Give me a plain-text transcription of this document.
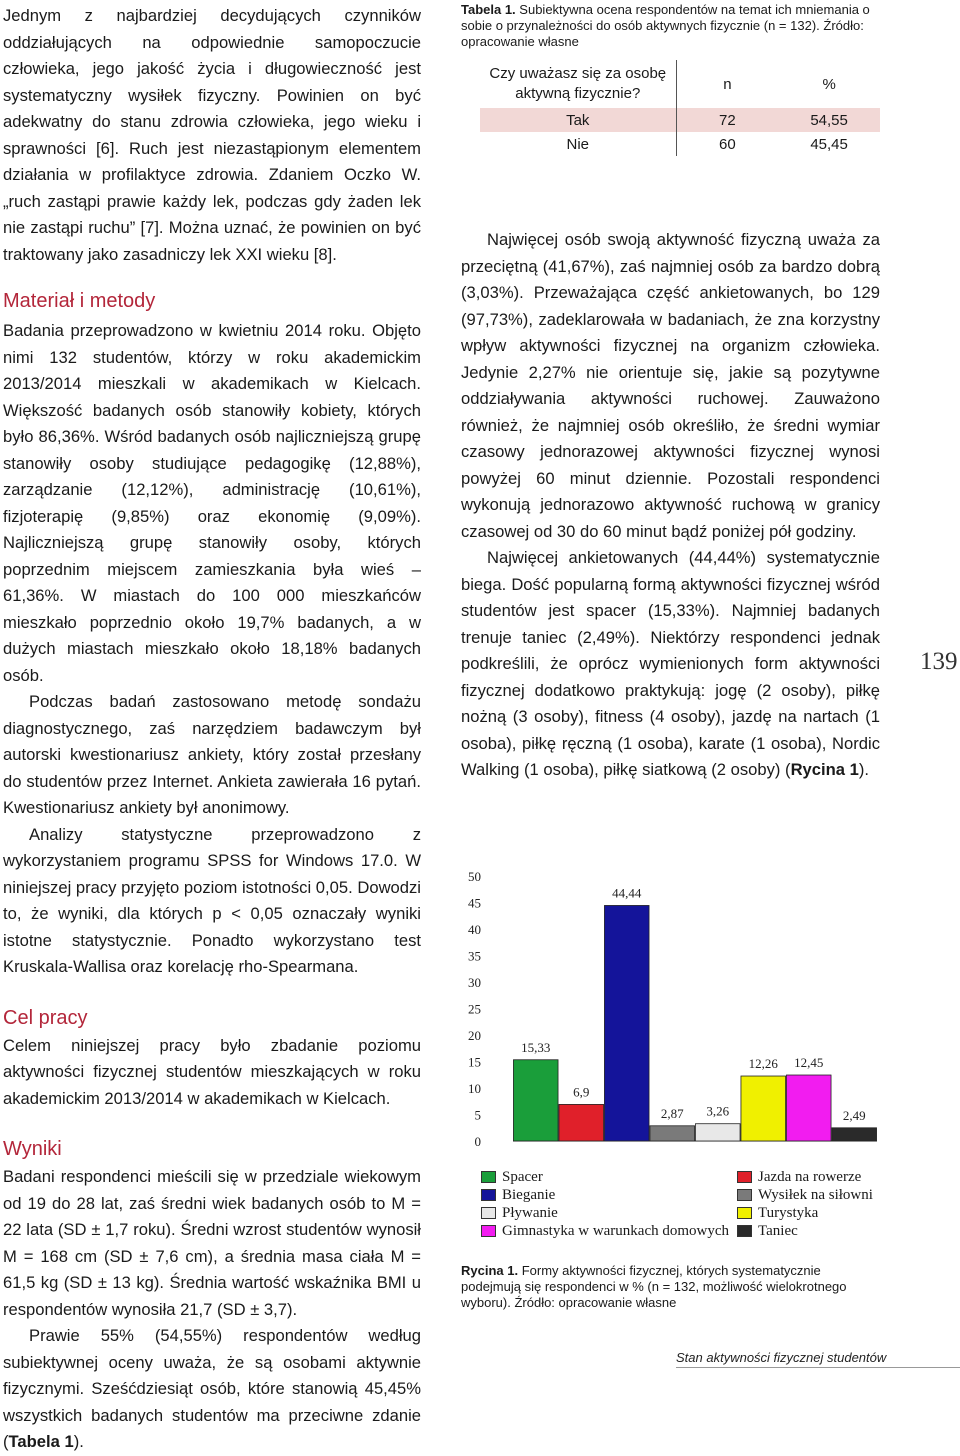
Jednym z najbardziej decydujących czynników oddziałujących na odpowiednie samopoczucie człowieka, jego jakość życia i długowieczność jest systematyczny wysiłek fizyczny. Powinien on być adekwatny do stanu zdrowia człowieka, jego wieku i sprawności [6]. Ruch jest niezastąpionym elementem działania w profilaktyce zdrowia. Zdaniem Oczko W. „ruch zastąpi prawie każdy lek, podczas gdy żaden lek nie zastąpi ruchu” [7]. Można uznać, że powinien on być traktowany jako zasadniczy lek XXI wieku [8].

Materiał i metody

Badania przeprowadzono w kwietniu 2014 roku. Objęto nimi 132 studentów, którzy w roku akademickim 2013/2014 mieszkali w akademikach w Kielcach. Większość badanych osób stanowiły kobiety, których było 86,36%. Wśród badanych osób najliczniejszą grupę stanowiły osoby studiujące pedagogikę (12,88%), zarządzanie (12,12%), administrację (10,61%), fizjoterapię (9,85%) oraz ekonomię (9,09%). Najliczniejszą grupę stanowiły osoby, których poprzednim miejscem zamieszkania była wieś – 61,36%. W miastach do 100 000 mieszkańców mieszkało poprzednio około 19,7% badanych, a w dużych miastach mieszkało około 18,18% badanych osób.

Podczas badań zastosowano metodę sondażu diagnostycznego, zaś narzędziem badawczym był autorski kwestionariusz ankiety, który został przesłany do studentów przez Internet. Ankieta zawierała 16 pytań. Kwestionariusz ankiety był anonimowy.

Analizy statystyczne przeprowadzono z wykorzystaniem programu SPSS for Windows 17.0. W niniejszej pracy przyjęto poziom istotności 0,05. Dowodzi to, że wyniki, dla których p < 0,05 oznaczały wyniki istotne statystycznie. Ponadto wykorzystano test Kruskala-Wallisa oraz korelację rho-Spearmana.

Cel pracy

Celem niniejszej pracy było zbadanie poziomu aktywności fizycznej studentów mieszkających w roku akademickim 2013/2014 w akademikach w Kielcach.

Wyniki

Badani respondenci mieścili się w przedziale wiekowym od 19 do 28 lat, zaś średni wiek badanych osób to M = 22 lata (SD ± 1,7 roku). Średni wzrost studentów wynosił M = 168 cm (SD ± 7,6 cm), a średnia masa ciała M = 61,5 kg (SD ± 13 kg). Średnia wartość wskaźnika BMI u respondentów wynosiła 21,7 (SD ± 3,7).

Prawie 55% (54,55%) respondentów według subiektywnej oceny uważa, że są osobami aktywnie fizycznymi. Sześćdziesiąt osób, które stanowią 45,45% wszystkich badanych studentów ma przeciwne zdanie (Tabela 1).

Tabela 1. Subiektywna ocena respondentów na temat ich mniemania o sobie o przynależności do osób aktywnych fizycznie (n = 132). Źródło: opracowanie własne
Czy uważasz się za osobę aktywną fizycznie?	n	%
Tak	72	54,55
Nie	60	45,45

Najwięcej osób swoją aktywność fizyczną uważa za przeciętną (41,67%), zaś najmniej osób za bardzo dobrą (3,03%). Przeważająca część ankietowanych, bo 129 (97,73%), zadeklarowała w badaniach, że zna korzystny wpływ aktywności fizycznej na organizm człowieka. Jedynie 2,27% nie orientuje się, jakie są pozytywne oddziaływania aktywności ruchowej. Zauważono również, że najmniej osób określiło, że średni wymiar czasowy jednorazowej aktywności fizycznej wynosi powyżej 60 minut dziennie. Pozostali respondenci wykonują jednorazowo aktywność ruchową w granicy czasowej od 30 do 60 minut bądź poniżej pół godziny.

Najwięcej ankietowanych (44,44%) systematycznie biega. Dość popularną formą aktywności fizycznej wśród studentów jest spacer (15,33%). Najmniej badanych trenuje taniec (2,49%). Niektórzy respondenci jednak podkreślili, że oprócz wymienionych form aktywności fizycznej dodatkowo praktykują: jogę (2 osoby), piłkę nożną (3 osoby), fitness (4 osoby), jazdę na nartach (1 osoba), piłkę ręczną (1 osoba), karate (1 osoba), Nordic Walking (1 osoba), piłkę siatkową (2 osoby) (Rycina 1).

0
5
10
15
20
25
30
35
40
45
50
15,33
6,9
44,44
2,87 3,26
12,26 12,45
2,49
Spacer	Jazda na rowerze
Bieganie	Wysiłek na siłowni
Pływanie	Turystyka
Gimnastyka w warunkach domowych	Taniec
Rycina 1. Formy aktywności fizycznej, których systematycznie podejmują się respondenci w % (n = 132, możliwość wielokrotnego wyboru). Źródło: opracowanie własne
139
Stan aktywności fizycznej studentów
